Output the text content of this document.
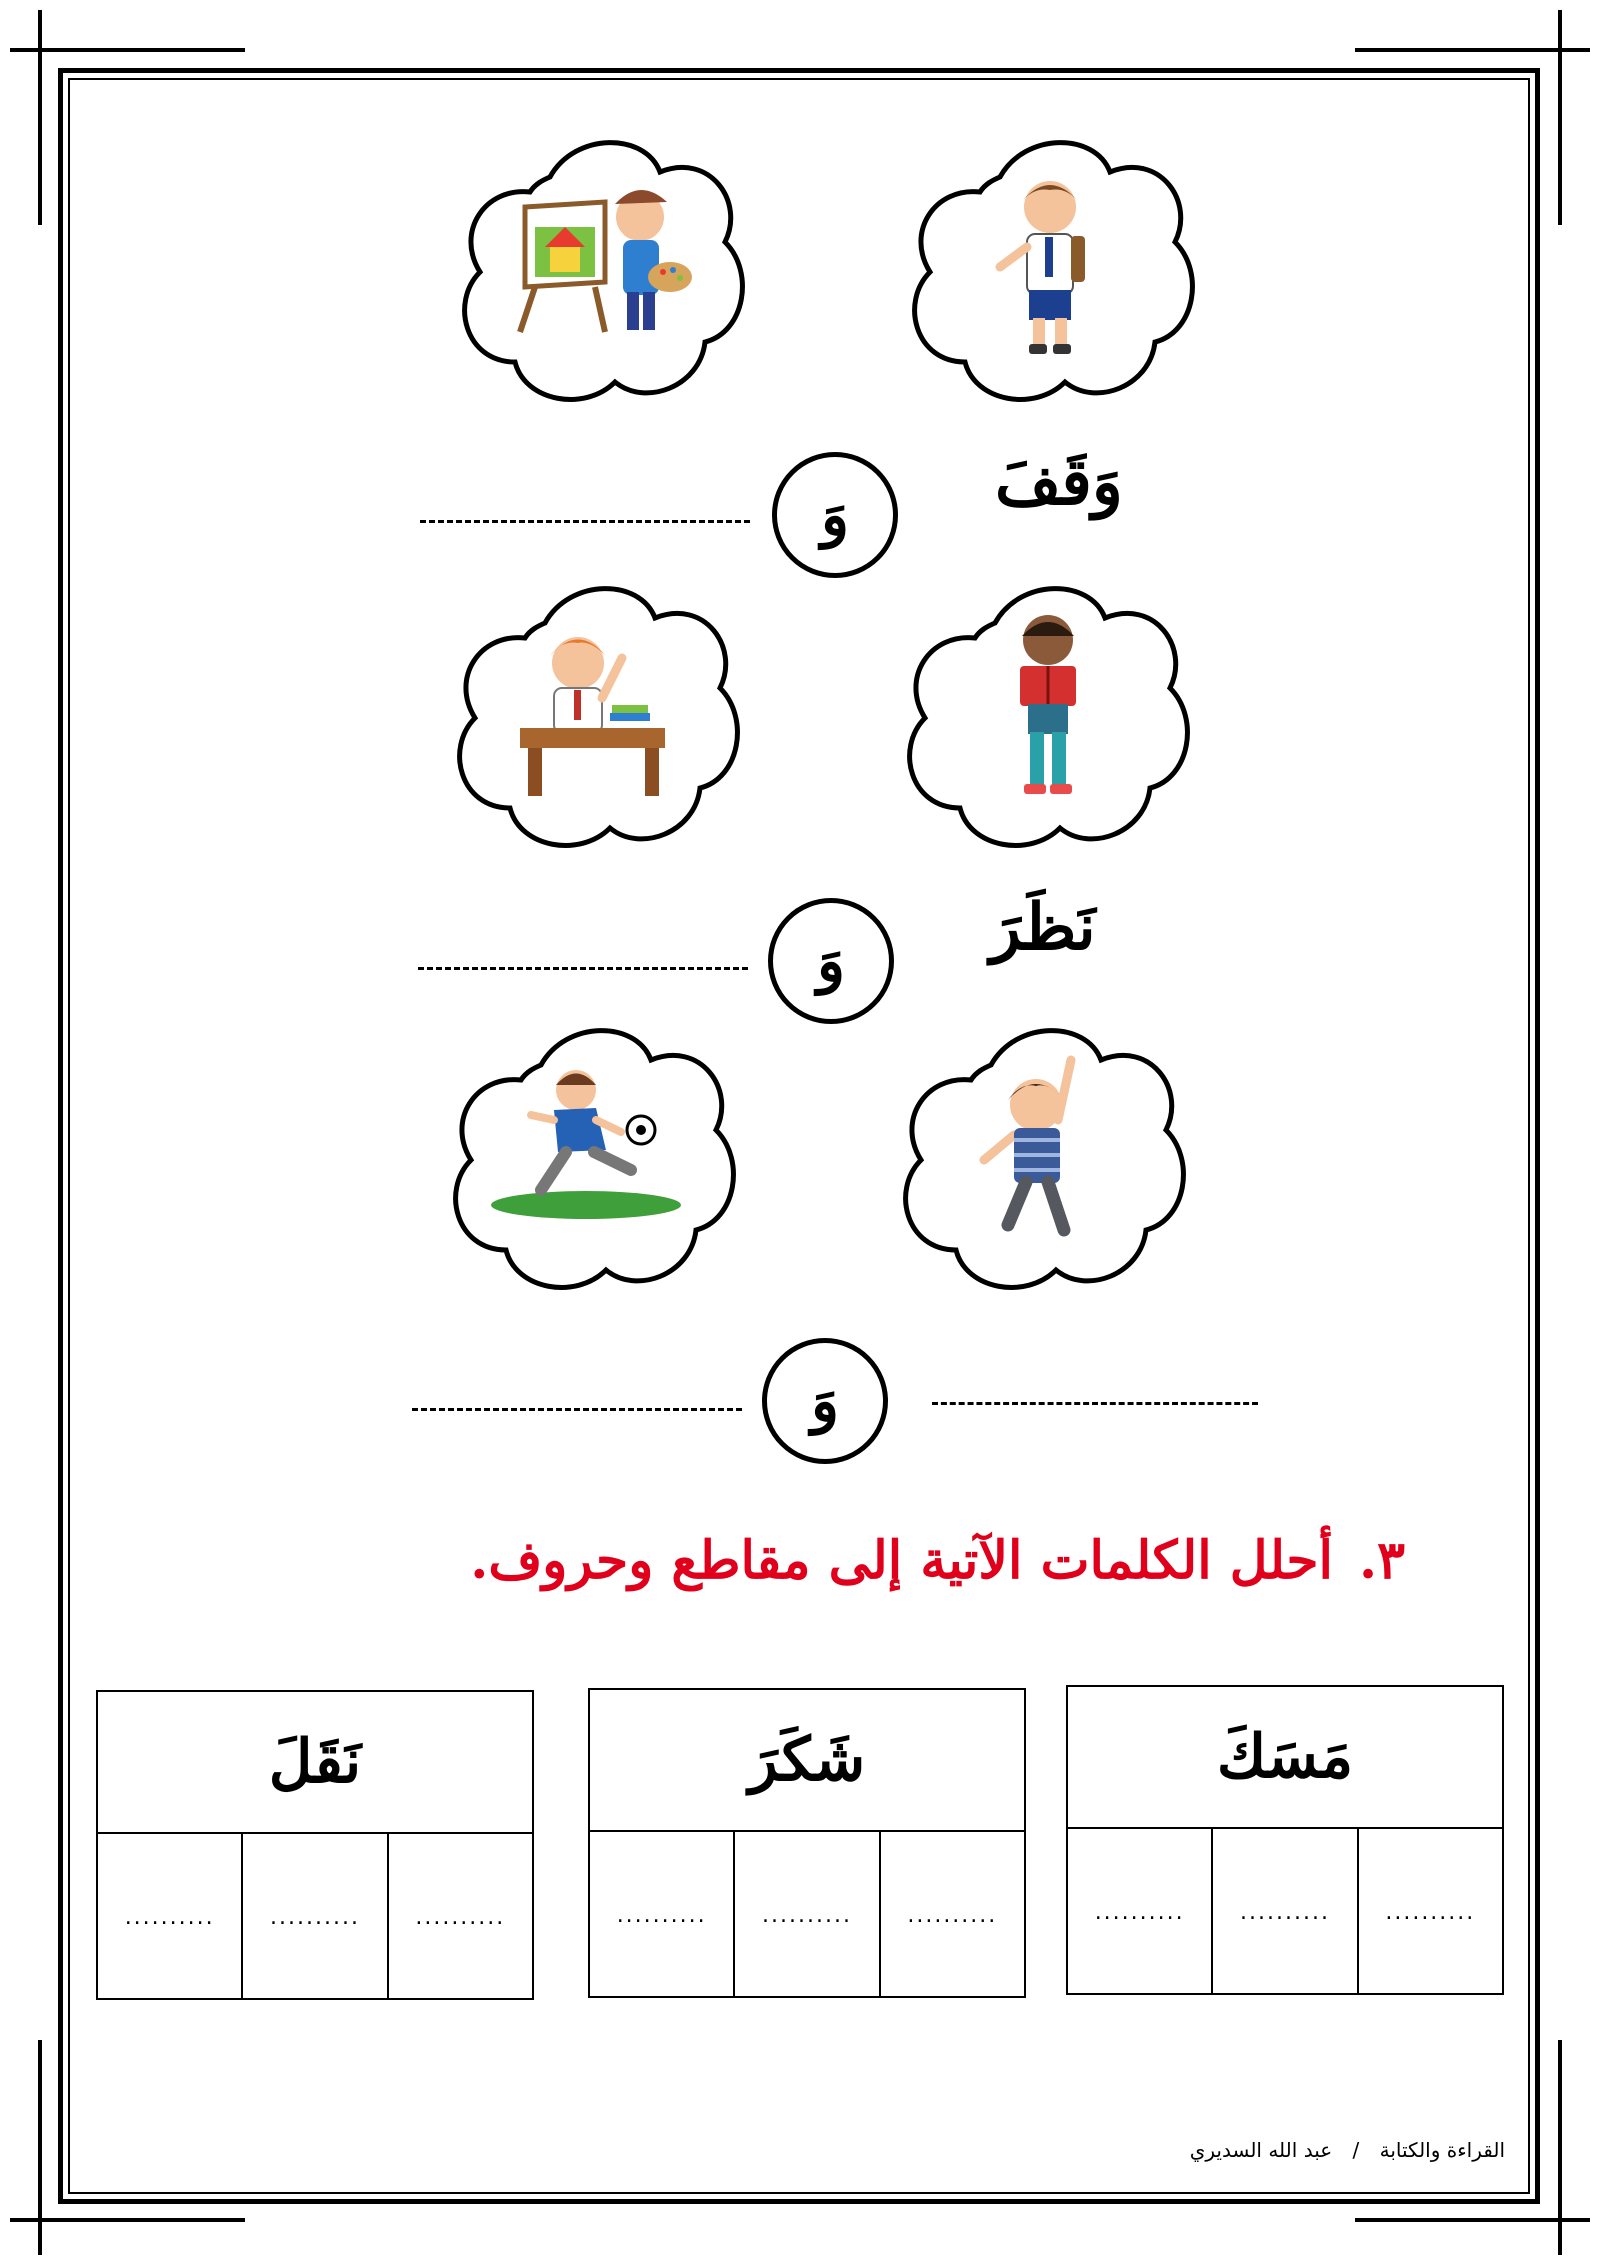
وَقَفَ
وَ
نَظَرَ
وَ
وَ
٣.
أحلل الكلمات الآتية إلى مقاطع وحروف.
مَسَكَ
..........	..........	..........
شَكَرَ
..........	..........	..........
نَقَلَ
..........	..........	..........
القراءة والكتابة / عبد الله السديري
